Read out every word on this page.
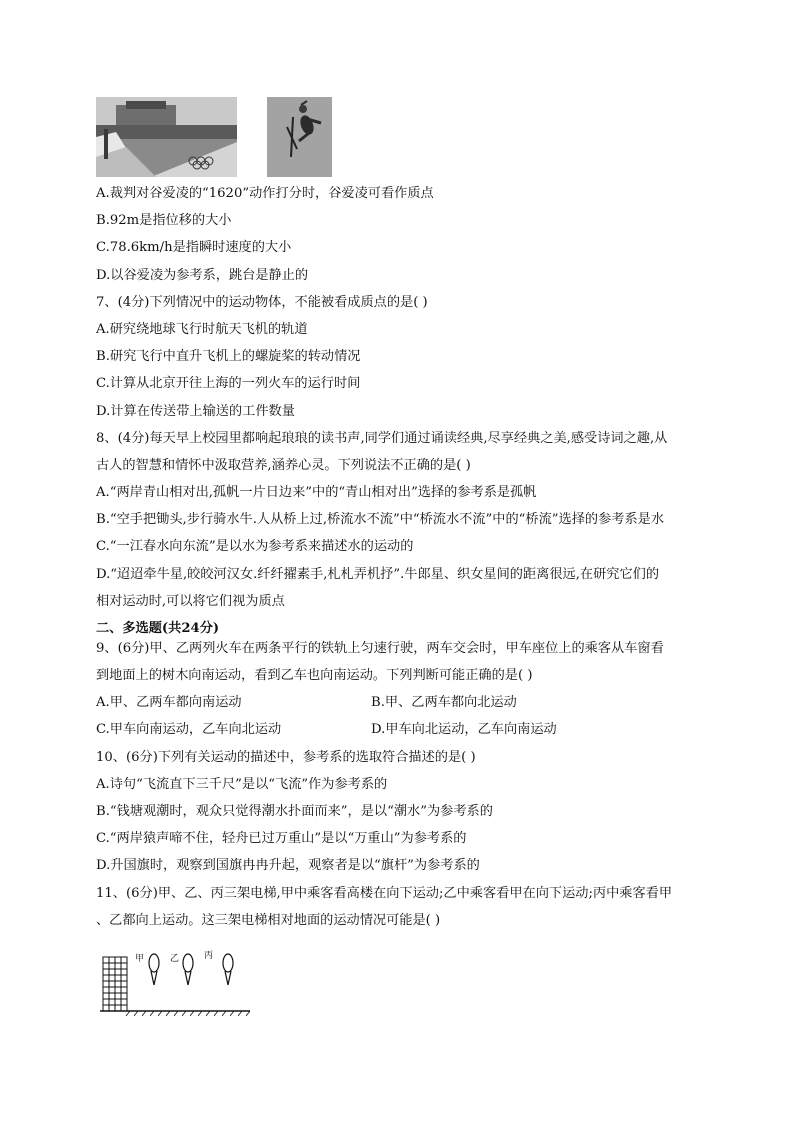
A.裁判对谷爱凌的“1620”动作打分时，谷爱凌可看作质点
B.92m是指位移的大小
C.78.6km/h是指瞬时速度的大小
D.以谷爱凌为参考系，跳台是静止的
7、(4分)下列情况中的运动物体，不能被看成质点的是( )
A.研究绕地球飞行时航天飞机的轨道
B.研究飞行中直升飞机上的螺旋桨的转动情况
C.计算从北京开往上海的一列火车的运行时间
D.计算在传送带上输送的工件数量
8、(4分)每天早上校园里都响起琅琅的读书声,同学们通过诵读经典,尽享经典之美,感受诗词之趣,从
古人的智慧和情怀中汲取营养,涵养心灵。下列说法不正确的是( )
A.“两岸青山相对出,孤帆一片日边来”中的“青山相对出”选择的参考系是孤帆
B.“空手把锄头,步行骑水牛.人从桥上过,桥流水不流”中“桥流水不流”中的“桥流”选择的参考系是水
C.“一江春水向东流”是以水为参考系来描述水的运动的
D.“迢迢牵牛星,皎皎河汉女.纤纤擢素手,札札弄机抒”.牛郎星、织女星间的距离很远,在研究它们的
相对运动时,可以将它们视为质点
二、多选题(共24分)
9、(6分)甲、乙两列火车在两条平行的铁轨上匀速行驶，两车交会时，甲车座位上的乘客从车窗看
到地面上的树木向南运动，看到乙车也向南运动。下列判断可能正确的是( )
A.甲、乙两车都向南运动	B.甲、乙两车都向北运动
C.甲车向南运动，乙车向北运动	D.甲车向北运动，乙车向南运动
10、(6分)下列有关运动的描述中，参考系的选取符合描述的是( )
A.诗句“飞流直下三千尺”是以“飞流”作为参考系的
B.“钱塘观潮时，观众只觉得潮水扑面而来”，是以“潮水”为参考系的
C.“两岸猿声啼不住，轻舟已过万重山”是以“万重山”为参考系的
D.升国旗时，观察到国旗冉冉升起，观察者是以“旗杆”为参考系的
11、(6分)甲、乙、丙三架电梯,甲中乘客看高楼在向下运动;乙中乘客看甲在向下运动;丙中乘客看甲
、乙都向上运动。这三架电梯相对地面的运动情况可能是( )
甲	乙	丙
